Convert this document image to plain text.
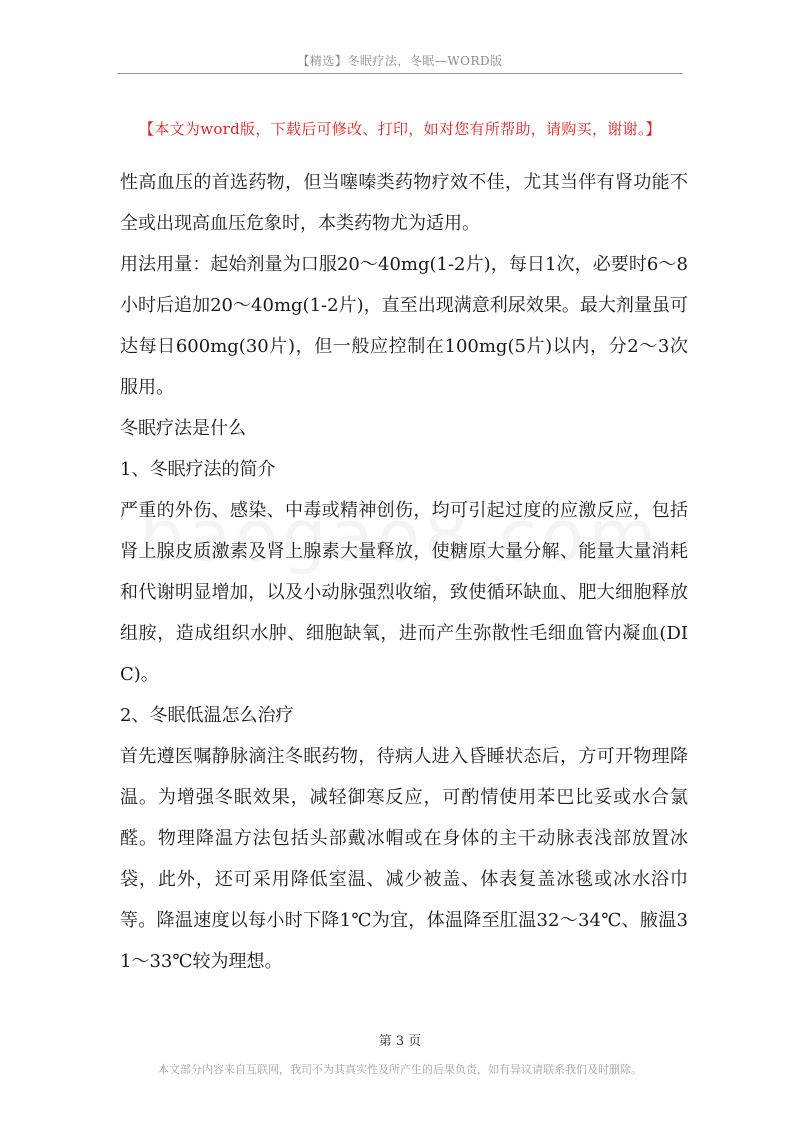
【精选】冬眠疗法，冬眠—WORD版
【本文为word版，下载后可修改、打印，如对您有所帮助，请购买，谢谢。】

性高血压的首选药物，但当噻嗪类药物疗效不佳，尤其当伴有肾功能不全或出现高血压危象时，本类药物尤为适用。

用法用量：起始剂量为口服20～40mg(1-2片)，每日1次，必要时6～8小时后追加20～40mg(1-2片)，直至出现满意利尿效果。最大剂量虽可达每日600mg(30片)，但一般应控制在100mg(5片)以内，分2～3次服用。

冬眠疗法是什么

1、冬眠疗法的简介

严重的外伤、感染、中毒或精神创伤，均可引起过度的应激反应，包括肾上腺皮质激素及肾上腺素大量释放，使糖原大量分解、能量大量消耗和代谢明显增加，以及小动脉强烈收缩，致使循环缺血、肥大细胞释放组胺，造成组织水肿、细胞缺氧，进而产生弥散性毛细血管内凝血(DIC)。

2、冬眠低温怎么治疗

首先遵医嘱静脉滴注冬眠药物，待病人进入昏睡状态后，方可开物理降温。为增强冬眠效果，减轻御寒反应，可酌情使用苯巴比妥或水合氯醛。物理降温方法包括头部戴冰帽或在身体的主干动脉表浅部放置冰袋，此外，还可采用降低室温、减少被盖、体表复盖冰毯或冰水浴巾等。降温速度以每小时下降1℃为宜，体温降至肛温32～34℃、腋温31～33℃较为理想。

第 3 页
本文部分内容来自互联网，我司不为其真实性及所产生的后果负责，如有异议请联系我们及时删除。
